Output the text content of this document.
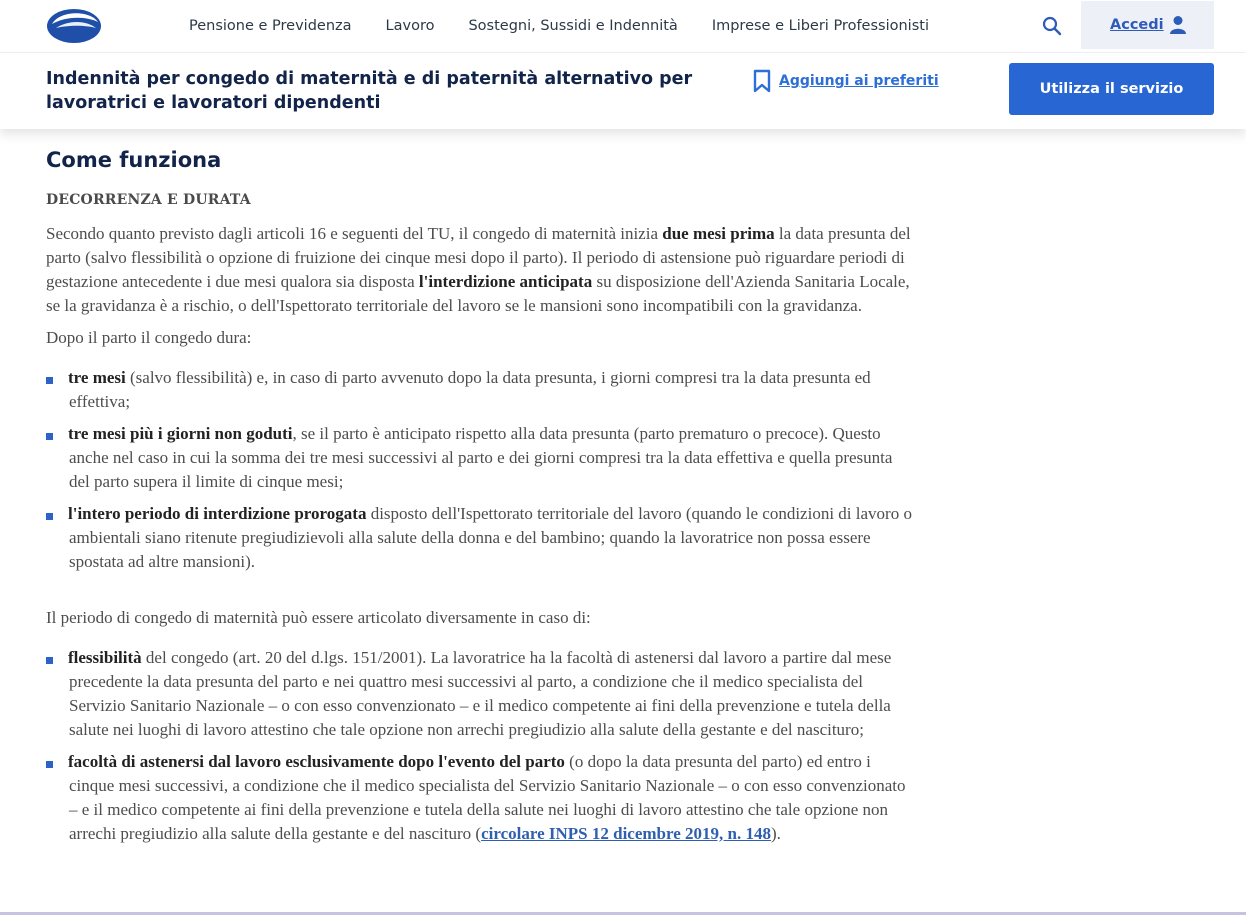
Pensione e Previdenza Lavoro Sostegni, Sussidi e Indennità Imprese e Liberi Professionisti	Accedi
Indennità per congedo di maternità e di paternità alternativo per lavoratrici e lavoratori dipendenti
Aggiungi ai preferiti	Utilizza il servizio
Come funziona
DECORRENZA E DURATA

Secondo quanto previsto dagli articoli 16 e seguenti del TU, il congedo di maternità inizia due mesi prima la data presunta del parto (salvo flessibilità o opzione di fruizione dei cinque mesi dopo il parto). Il periodo di astensione può riguardare periodi di gestazione antecedente i due mesi qualora sia disposta l'interdizione anticipata su disposizione dell'Azienda Sanitaria Locale, se la gravidanza è a rischio, o dell'Ispettorato territoriale del lavoro se le mansioni sono incompatibili con la gravidanza.

Dopo il parto il congedo dura:

tre mesi (salvo flessibilità) e, in caso di parto avvenuto dopo la data presunta, i giorni compresi tra la data presunta ed effettiva;
tre mesi più i giorni non goduti, se il parto è anticipato rispetto alla data presunta (parto prematuro o precoce). Questo anche nel caso in cui la somma dei tre mesi successivi al parto e dei giorni compresi tra la data effettiva e quella presunta del parto supera il limite di cinque mesi;
l'intero periodo di interdizione prorogata disposto dell'Ispettorato territoriale del lavoro (quando le condizioni di lavoro o ambientali siano ritenute pregiudizievoli alla salute della donna e del bambino; quando la lavoratrice non possa essere spostata ad altre mansioni).

Il periodo di congedo di maternità può essere articolato diversamente in caso di:

flessibilità del congedo (art. 20 del d.lgs. 151/2001). La lavoratrice ha la facoltà di astenersi dal lavoro a partire dal mese precedente la data presunta del parto e nei quattro mesi successivi al parto, a condizione che il medico specialista del Servizio Sanitario Nazionale – o con esso convenzionato – e il medico competente ai fini della prevenzione e tutela della salute nei luoghi di lavoro attestino che tale opzione non arrechi pregiudizio alla salute della gestante e del nascituro;
facoltà di astenersi dal lavoro esclusivamente dopo l'evento del parto (o dopo la data presunta del parto) ed entro i cinque mesi successivi, a condizione che il medico specialista del Servizio Sanitario Nazionale – o con esso convenzionato – e il medico competente ai fini della prevenzione e tutela della salute nei luoghi di lavoro attestino che tale opzione non arrechi pregiudizio alla salute della gestante e del nascituro (circolare INPS 12 dicembre 2019, n. 148).
